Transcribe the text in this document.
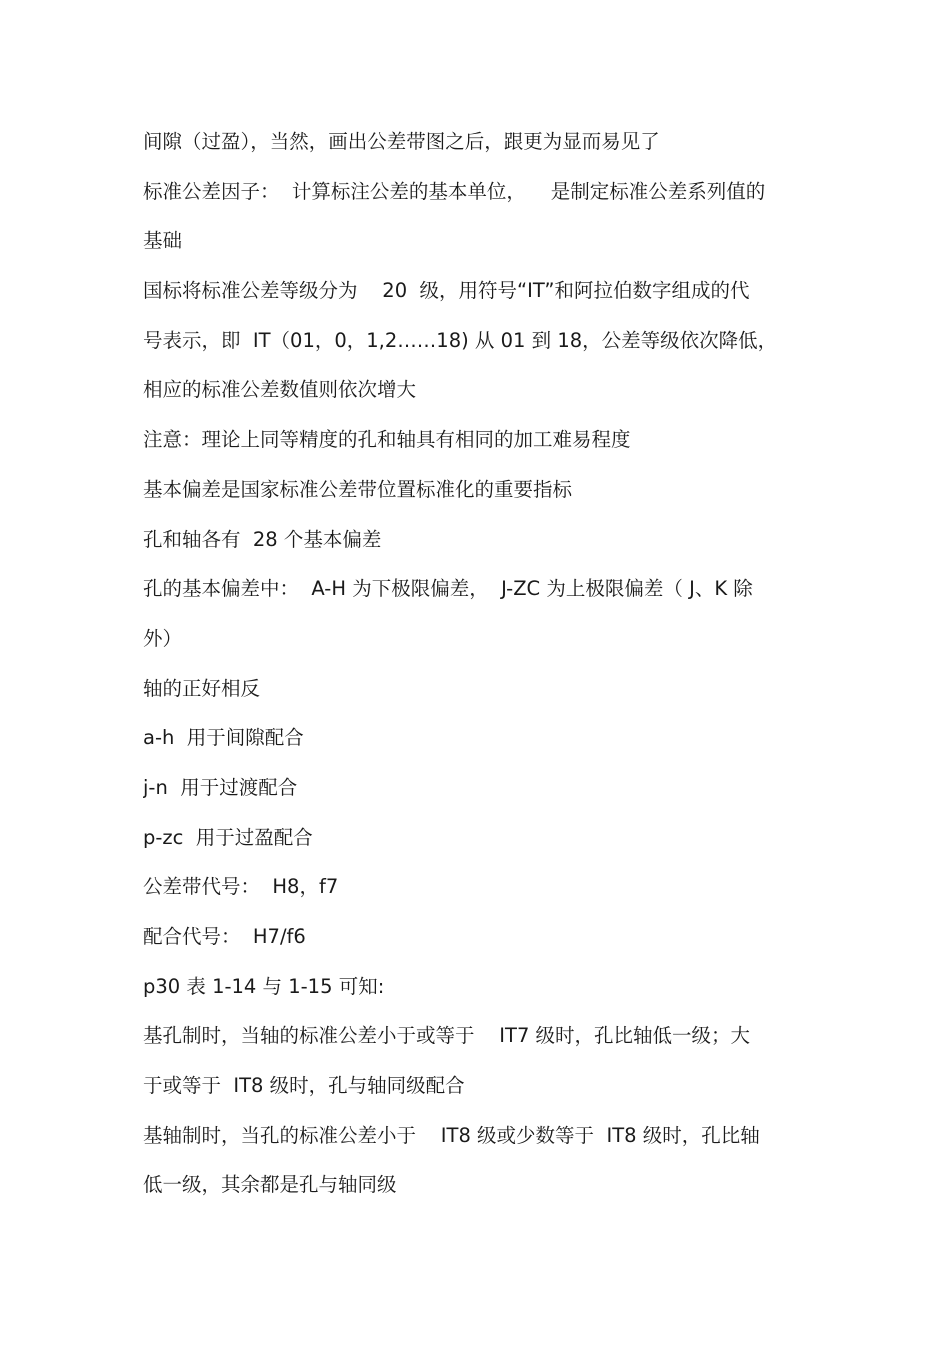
间隙（过盈），当然，画出公差带图之后，跟更为显而易见了
标准公差因子：  计算标注公差的基本单位，    是制定标准公差系列值的
基础
国标将标准公差等级分为    20  级，用符号“IT”和阿拉伯数字组成的代
号表示，即  IT（01，0，1,2……18) 从 01 到 18，公差等级依次降低，
相应的标准公差数值则依次增大
注意：理论上同等精度的孔和轴具有相同的加工难易程度
基本偏差是国家标准公差带位置标准化的重要指标
孔和轴各有  28 个基本偏差
孔的基本偏差中：  A-H 为下极限偏差，  J-ZC 为上极限偏差（ J、K 除
外）
轴的正好相反
a-h  用于间隙配合
j-n  用于过渡配合
p-zc  用于过盈配合
公差带代号：  H8，f7
配合代号：  H7/f6
p30 表 1-14 与 1-15 可知:
基孔制时，当轴的标准公差小于或等于    IT7 级时，孔比轴低一级；大
于或等于  IT8 级时，孔与轴同级配合
基轴制时，当孔的标准公差小于    IT8 级或少数等于  IT8 级时，孔比轴
低一级，其余都是孔与轴同级
